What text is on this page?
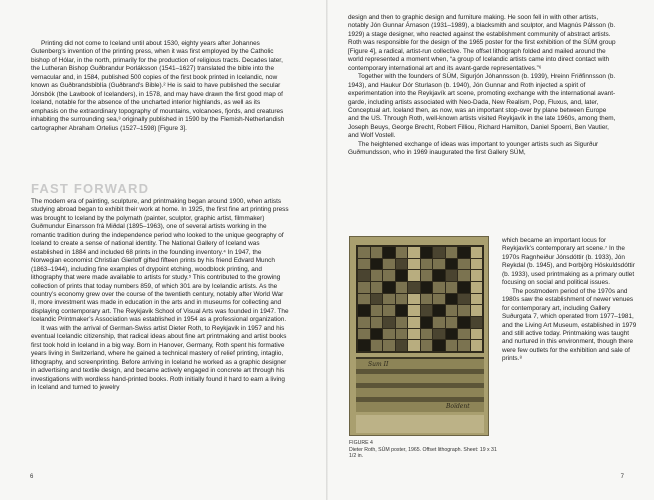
Printing did not come to Iceland until about 1530, eighty years after Johannes Gutenberg’s invention of the printing press, when it was first employed by the Catholic bishop of Hólar, in the north, primarily for the production of religious tracts. Decades later, the Lutheran Bishop Guðbrandur Þorláksson (1541–1627) translated the bible into the vernacular and, in 1584, published 500 copies of the first book printed in Icelandic, now known as Guðbrandsbiblía (Guðbrand’s Bible).² He is said to have published the secular Jónsbók (the Lawbook of Icelanders), in 1578, and may have drawn the first good map of Iceland, notable for the absence of the uncharted interior highlands, as well as its emphasis on the extraordinary topography of mountains, volcanoes, fjords, and creatures inhabiting the surrounding sea,³ originally published in 1590 by the Flemish-Netherlandish cartographer Abraham Ortelius (1527–1598) [Figure 3].

FAST FORWARD

The modern era of painting, sculpture, and printmaking began around 1900, when artists studying abroad began to exhibit their work at home. In 1925, the first fine art printing press was brought to Iceland by the polymath (painter, sculptor, graphic artist, filmmaker) Guðmundur Einarsson frá Miðdal (1895–1963), one of several artists working in the romantic tradition during the independence period who looked to the unique geography of Iceland to create a sense of national identity. The National Gallery of Iceland was established in 1884 and included 68 prints in the founding inventory.⁴ In 1947, the Norwegian economist Christian Gierloff gifted fifteen prints by his friend Edvard Munch (1863–1944), including fine examples of drypoint etching, woodblock printing, and lithography that were made available to artists for study.⁵ This contributed to the growing collection of prints that today numbers 859, of which 301 are by Icelandic artists. As the country’s economy grew over the course of the twentieth century, notably after World War II, more investment was made in education in the arts and in museums for collecting and displaying contemporary art. The Reykjavik School of Visual Arts was founded in 1947. The Icelandic Printmaker’s Association was established in 1954 as a professional organization.

It was with the arrival of German-Swiss artist Dieter Roth, to Reykjavik in 1957 and his eventual Icelandic citizenship, that radical ideas about fine art printmaking and artist books first took hold in Iceland in a big way. Born in Hanover, Germany, Roth spent his formative years living in Switzerland, where he gained a technical mastery of relief printing, intaglio, lithography, and screenprinting. Before arriving in Iceland he worked as a graphic designer in advertising and textile design, and became actively engaged in concrete art through his investigations with wordless hand-printed books. Roth initially found it hard to earn a living in Iceland and turned to jewelry

6

design and then to graphic design and furniture making. He soon fell in with other artists, notably Jón Gunnar Árnason (1931–1989), a blacksmith and sculptor, and Magnús Pálsson (b. 1929) a stage designer, who reacted against the establishment community of abstract artists. Roth was responsible for the design of the 1965 poster for the first exhibition of the SÚM group [Figure 4], a radical, artist-run collective. The offset lithograph folded and mailed around the world represented a moment when, “a group of Icelandic artists came into direct contact with contemporary international art and its avant-garde representatives.”⁶

Together with the founders of SÚM, Sigurjón Jóhannsson (b. 1939), Hreinn Friðfinnsson (b. 1943), and Haukur Dór Sturlason (b. 1940), Jón Gunnar and Roth injected a spirit of experimentation into the Reykjavík art scene, promoting exchange with the international avant-garde, including artists associated with Neo-Dada, New Realism, Pop, Fluxus, and, later, Conceptual art. Iceland then, as now, was an important stop-over by plane between Europe and the US. Through Roth, well-known artists visited Reykjavík in the late 1960s, among them, Joseph Beuys, George Brecht, Robert Filliou, Richard Hamilton, Daniel Spoerri, Ben Vautier, and Wolf Vostell.

The heightened exchange of ideas was important to younger artists such as Sigurður Guðmundsson, who in 1969 inaugurated the first Gallery SÚM,

Sum II
Boïdent
FIGURE 4
Dieter Roth, SÚM poster, 1965. Offset lithograph. Sheet: 19 x 31 1/2 in.

which became an important locus for Reykjavík’s contemporary art scene.⁷ In the 1970s Ragnheiður Jónsdóttir (b. 1933), Jón Reykdal (b. 1945), and Þorbjörg Höskuldsdóttir (b. 1933), used printmaking as a primary outlet focusing on social and political issues.

The postmodern period of the 1970s and 1980s saw the establishment of newer venues for contemporary art, including Gallery Suðurgata 7, which operated from 1977–1981, and the Living Art Museum, established in 1979 and still active today. Printmaking was taught and nurtured in this environment, though there were few outlets for the exhibition and sale of prints.⁸

7
